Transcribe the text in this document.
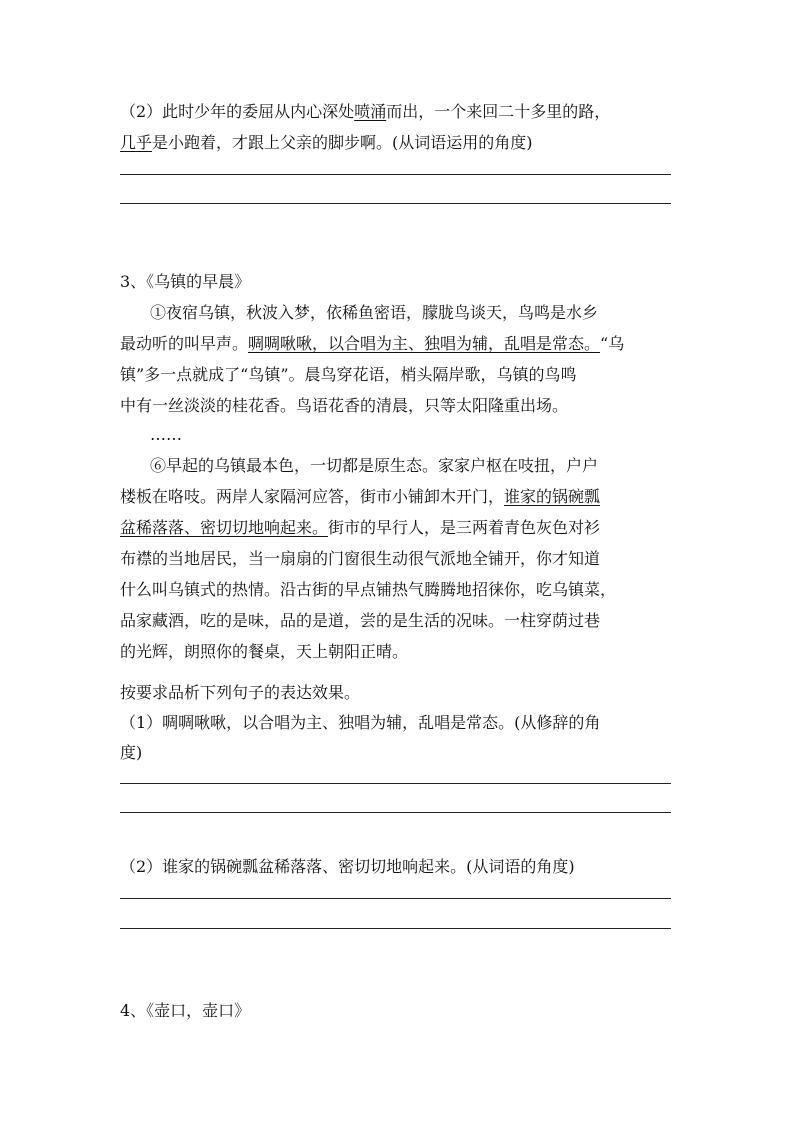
（2）此时少年的委屈从内心深处喷涌而出，一个来回二十多里的路，
几乎是小跑着，才跟上父亲的脚步啊。(从词语运用的角度)
3、《乌镇的早晨》
①夜宿乌镇，秋波入梦，依稀鱼密语，朦胧鸟谈天，鸟鸣是水乡
最动听的叫早声。啁啁啾啾，以合唱为主、独唱为辅，乱唱是常态。“乌
镇”多一点就成了“鸟镇”。晨鸟穿花语，梢头隔岸歌，乌镇的鸟鸣
中有一丝淡淡的桂花香。鸟语花香的清晨，只等太阳隆重出场。
……
⑥早起的乌镇最本色，一切都是原生态。家家户枢在吱扭，户户
楼板在咯吱。两岸人家隔河应答，街市小铺卸木开门，谁家的锅碗瓢
盆稀落落、密切切地响起来。街市的早行人，是三两着青色灰色对衫
布襟的当地居民，当一扇扇的门窗很生动很气派地全铺开，你才知道
什么叫乌镇式的热情。沿古街的早点铺热气腾腾地招徕你，吃乌镇菜，
品家藏酒，吃的是味，品的是道，尝的是生活的况味。一柱穿荫过巷
的光辉，朗照你的餐桌，天上朝阳正晴。
按要求品析下列句子的表达效果。
（1）啁啁啾啾，以合唱为主、独唱为辅，乱唱是常态。(从修辞的角
度)
（2）谁家的锅碗瓢盆稀落落、密切切地响起来。(从词语的角度)
4、《壶口，壶口》
